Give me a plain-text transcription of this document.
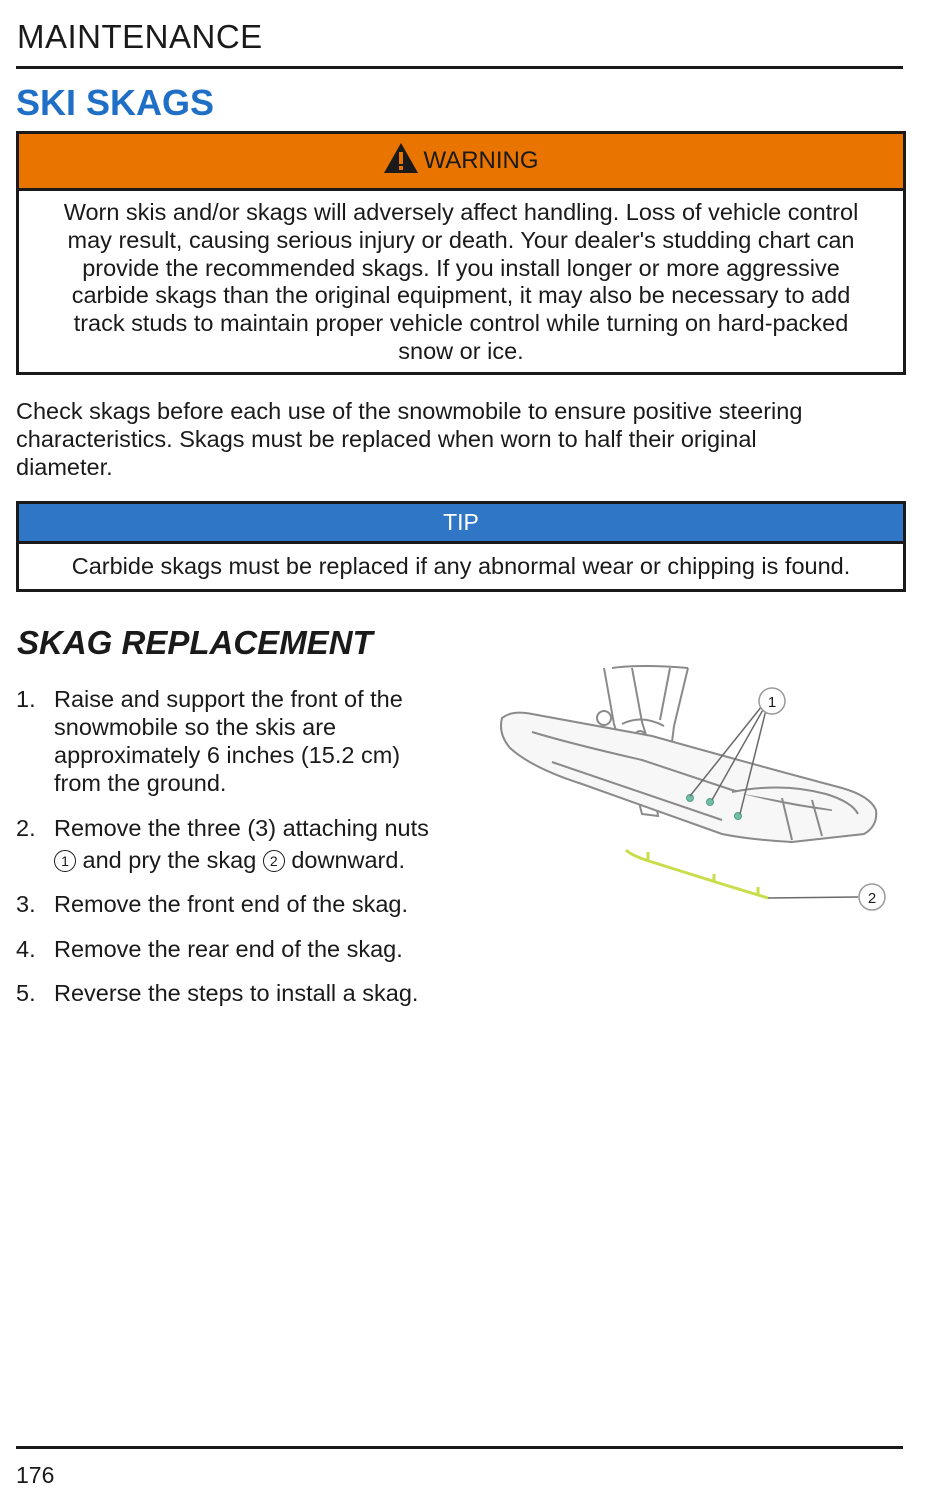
MAINTENANCE
SKI SKAGS
WARNING
Worn skis and/or skags will adversely affect handling. Loss of vehicle control
may result, causing serious injury or death. Your dealer's studding chart can
provide the recommended skags. If you install longer or more aggressive
carbide skags than the original equipment, it may also be necessary to add
track studs to maintain proper vehicle control while turning on hard-packed
snow or ice.
Check skags before each use of the snowmobile to ensure positive steering
characteristics. Skags must be replaced when worn to half their original
diameter.
TIP
Carbide skags must be replaced if any abnormal wear or chipping is found.
SKAG REPLACEMENT
1. Raise and support the front of the
snowmobile so the skis are
approximately 6 inches (15.2 cm)
from the ground.
2. Remove the three (3) attaching nuts
1 and pry the skag 2 downward.
3. Remove the front end of the skag.
4. Remove the rear end of the skag.
5. Reverse the steps to install a skag.
1
2
176
